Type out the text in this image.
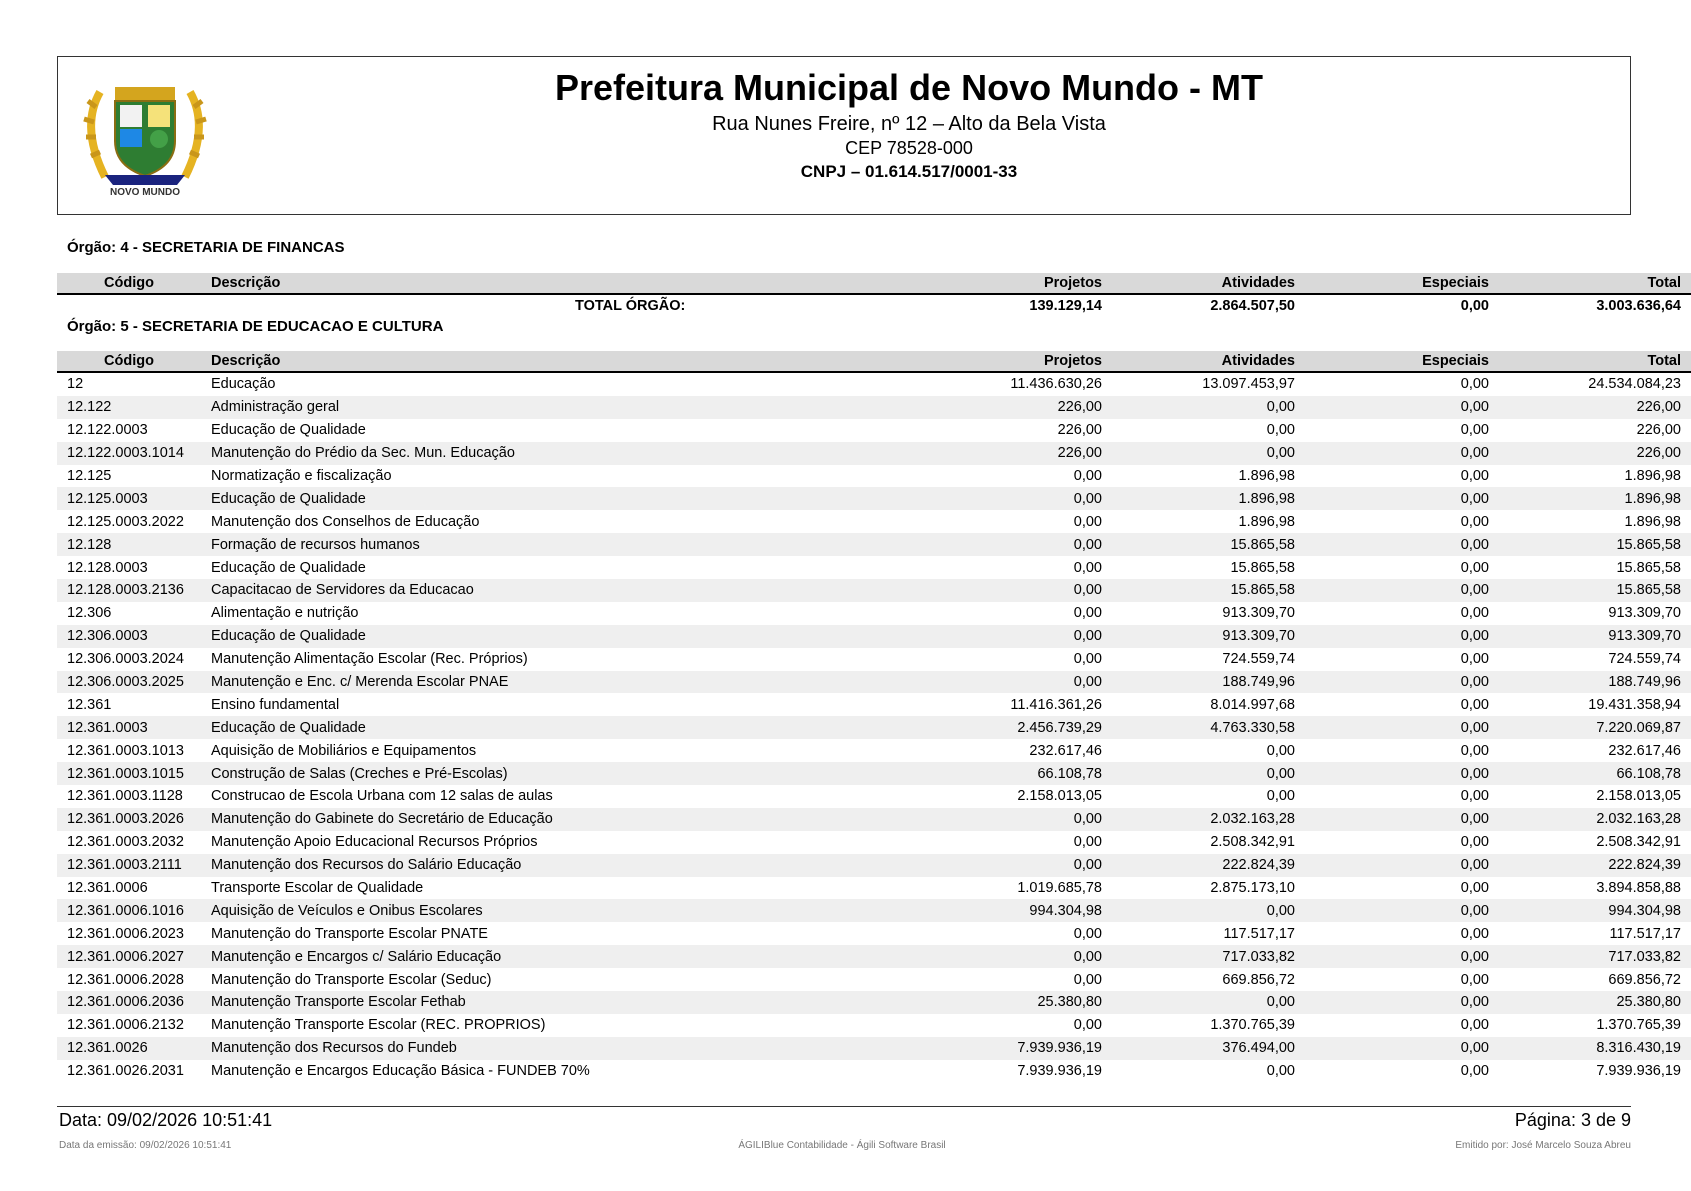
NOVO MUNDO
Prefeitura Municipal de Novo Mundo - MT
Rua Nunes Freire, nº 12 – Alto da Bela Vista
CEP 78528-000
CNPJ – 01.614.517/0001-33
Órgão: 4 - SECRETARIA DE FINANCAS
Código	Descrição	Projetos	Atividades	Especiais	Total

		TOTAL ÓRGÃO: 139.129,14	2.864.507,50	0,00	3.003.636,64
Órgão: 5 - SECRETARIA DE EDUCACAO E CULTURA
Código	Descrição	Projetos	Atividades	Especiais	Total
12	Educação	11.436.630,26	13.097.453,97	0,00	24.534.084,23
12.122	Administração geral	226,00	0,00	0,00	226,00
12.122.0003	Educação de Qualidade	226,00	0,00	0,00	226,00
12.122.0003.1014	Manutenção do Prédio da Sec. Mun. Educação	226,00	0,00	0,00	226,00
12.125	Normatização e fiscalização	0,00	1.896,98	0,00	1.896,98
12.125.0003	Educação de Qualidade	0,00	1.896,98	0,00	1.896,98
12.125.0003.2022	Manutenção dos Conselhos de Educação	0,00	1.896,98	0,00	1.896,98
12.128	Formação de recursos humanos	0,00	15.865,58	0,00	15.865,58
12.128.0003	Educação de Qualidade	0,00	15.865,58	0,00	15.865,58
12.128.0003.2136	Capacitacao de Servidores da Educacao	0,00	15.865,58	0,00	15.865,58
12.306	Alimentação e nutrição	0,00	913.309,70	0,00	913.309,70
12.306.0003	Educação de Qualidade	0,00	913.309,70	0,00	913.309,70
12.306.0003.2024	Manutenção Alimentação Escolar (Rec. Próprios)	0,00	724.559,74	0,00	724.559,74
12.306.0003.2025	Manutenção e Enc. c/ Merenda Escolar PNAE	0,00	188.749,96	0,00	188.749,96
12.361	Ensino fundamental	11.416.361,26	8.014.997,68	0,00	19.431.358,94
12.361.0003	Educação de Qualidade	2.456.739,29	4.763.330,58	0,00	7.220.069,87
12.361.0003.1013	Aquisição de Mobiliários e Equipamentos	232.617,46	0,00	0,00	232.617,46
12.361.0003.1015	Construção de Salas (Creches e Pré-Escolas)	66.108,78	0,00	0,00	66.108,78
12.361.0003.1128	Construcao de Escola Urbana com 12 salas de aulas	2.158.013,05	0,00	0,00	2.158.013,05
12.361.0003.2026	Manutenção do Gabinete do Secretário de Educação	0,00	2.032.163,28	0,00	2.032.163,28
12.361.0003.2032	Manutenção Apoio Educacional Recursos Próprios	0,00	2.508.342,91	0,00	2.508.342,91
12.361.0003.2111	Manutenção dos Recursos do Salário Educação	0,00	222.824,39	0,00	222.824,39
12.361.0006	Transporte Escolar de Qualidade	1.019.685,78	2.875.173,10	0,00	3.894.858,88
12.361.0006.1016	Aquisição de Veículos e Onibus Escolares	994.304,98	0,00	0,00	994.304,98
12.361.0006.2023	Manutenção do Transporte Escolar PNATE	0,00	117.517,17	0,00	117.517,17
12.361.0006.2027	Manutenção e Encargos c/ Salário Educação	0,00	717.033,82	0,00	717.033,82
12.361.0006.2028	Manutenção do Transporte Escolar (Seduc)	0,00	669.856,72	0,00	669.856,72
12.361.0006.2036	Manutenção Transporte Escolar Fethab	25.380,80	0,00	0,00	25.380,80
12.361.0006.2132	Manutenção Transporte Escolar (REC. PROPRIOS)	0,00	1.370.765,39	0,00	1.370.765,39
12.361.0026	Manutenção dos Recursos do Fundeb	7.939.936,19	376.494,00	0,00	8.316.430,19
12.361.0026.2031	Manutenção e Encargos Educação Básica - FUNDEB 70%	7.939.936,19	0,00	0,00	7.939.936,19
Data: 09/02/2026 10:51:41	Página: 3 de 9
Data da emissão: 09/02/2026 10:51:41	ÁGILIBlue Contabilidade - Ágili Software Brasil	Emitido por: José Marcelo Souza Abreu
